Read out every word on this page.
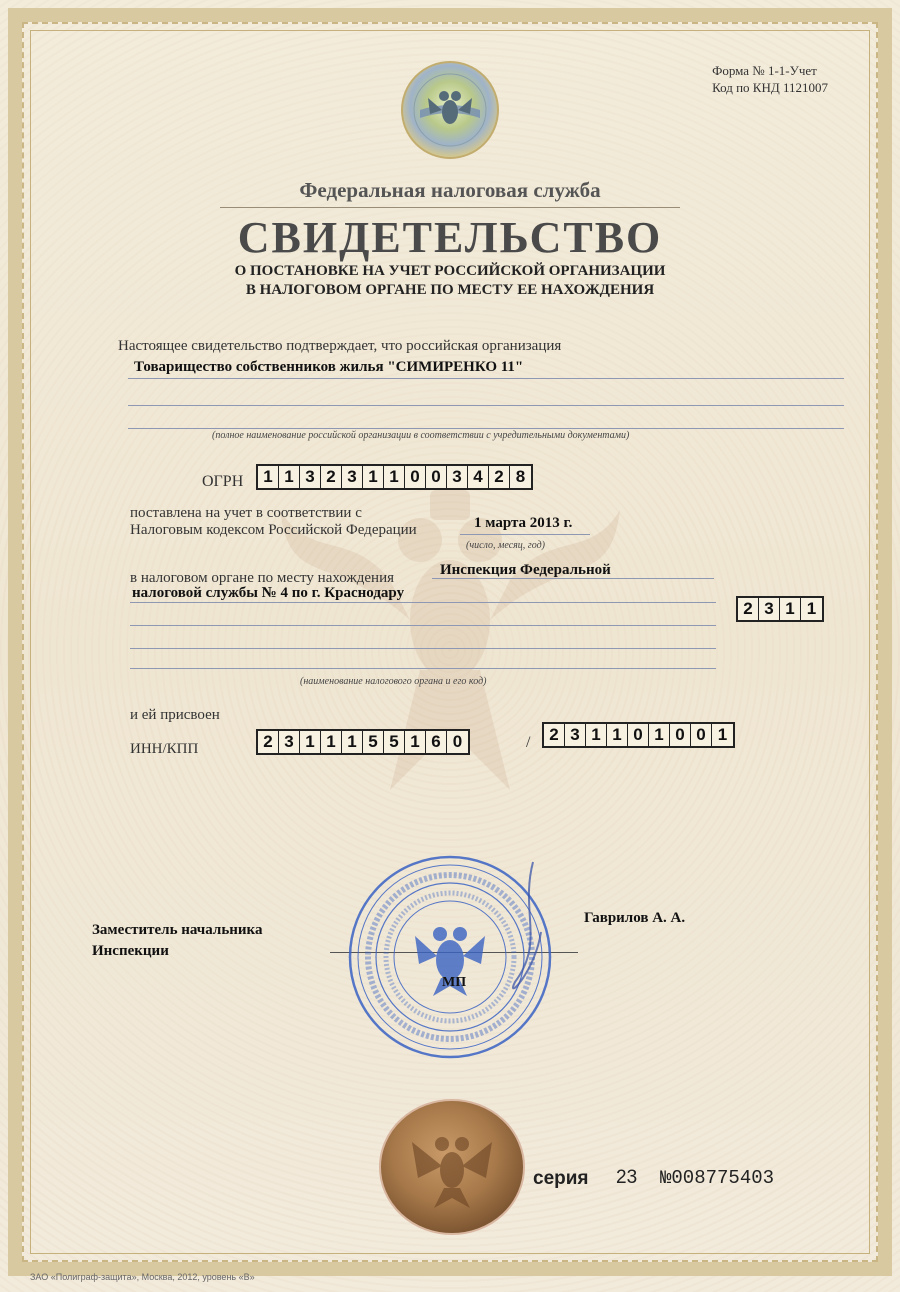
Форма № 1-1-Учет
Код по КНД 1121007
Федеральная налоговая служба
СВИДЕТЕЛЬСТВО
О ПОСТАНОВКЕ НА УЧЕТ РОССИЙСКОЙ ОРГАНИЗАЦИИ
В НАЛОГОВОМ ОРГАНЕ ПО МЕСТУ ЕЕ НАХОЖДЕНИЯ
Настоящее свидетельство подтверждает, что российская организация
Товарищество собственников жилья "СИМИРЕНКО 11"
(полное наименование российской организации в соответствии с учредительными документами)
ОГРН	1 1 3 2 3 1 1 0 0 3 4 2 8
поставлена на учет в соответствии с
Налоговым кодексом Российской Федерации	1 марта 2013 г.
(число, месяц, год)
в налоговом органе по месту нахождения	Инспекция Федеральной
налоговой службы № 4 по г. Краснодару
2 3 1 1
(наименование налогового органа и его код)
и ей присвоен
ИНН/КПП	2 3 1 1 1 5 5 1 6 0	/	2 3 1 1 0 1 0 0 1
Заместитель начальника
Инспекции
Гаврилов А. А.
МП
серия 23 №008775403
ЗАО «Полиграф-защита», Москва, 2012, уровень «В»
